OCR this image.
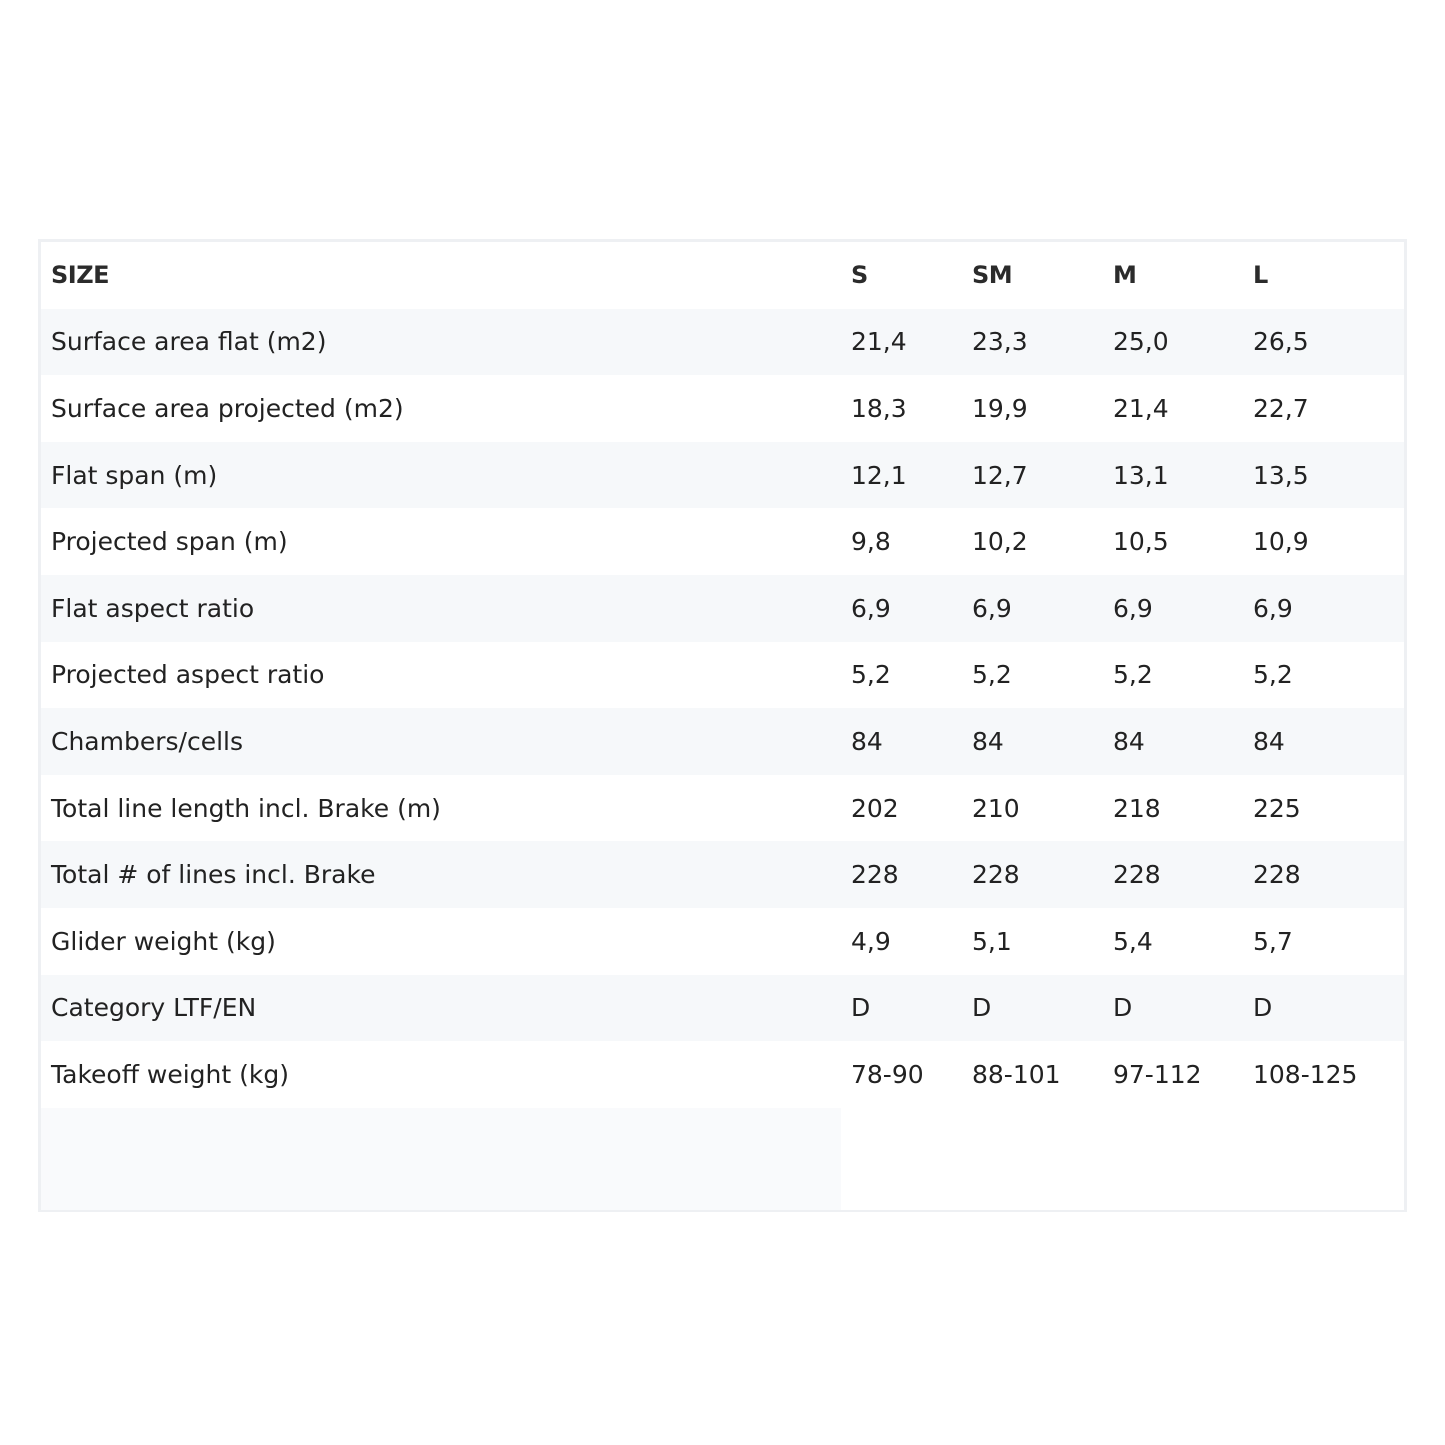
SIZE	S	SM	M	L
Surface area flat (m2)	21,4	23,3	25,0	26,5
Surface area projected (m2)	18,3	19,9	21,4	22,7
Flat span (m)	12,1	12,7	13,1	13,5
Projected span (m)	9,8	10,2	10,5	10,9
Flat aspect ratio	6,9	6,9	6,9	6,9
Projected aspect ratio	5,2	5,2	5,2	5,2
Chambers/cells	84	84	84	84
Total line length incl. Brake (m)	202	210	218	225
Total # of lines incl. Brake	228	228	228	228
Glider weight (kg)	4,9	5,1	5,4	5,7
Category LTF/EN	D	D	D	D
Takeoff weight (kg)	78-90	88-101	97-112	108-125
